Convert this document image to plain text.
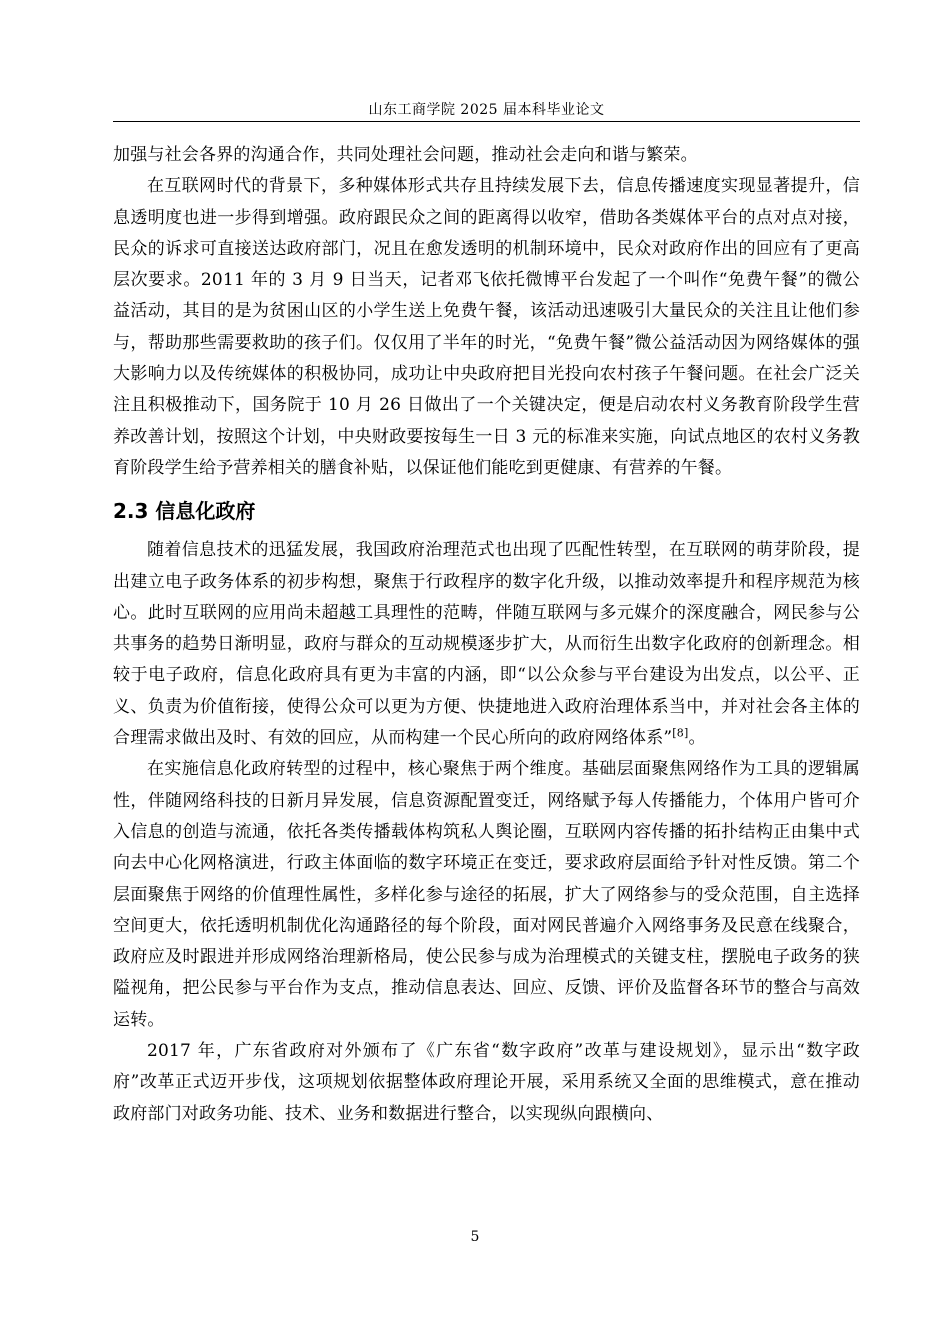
山东工商学院 2025 届本科毕业论文

加强与社会各界的沟通合作，共同处理社会问题，推动社会走向和谐与繁荣。

在互联网时代的背景下，多种媒体形式共存且持续发展下去，信息传播速度实现显著提升，信息透明度也进一步得到增强。政府跟民众之间的距离得以收窄，借助各类媒体平台的点对点对接，民众的诉求可直接送达政府部门，况且在愈发透明的机制环境中，民众对政府作出的回应有了更高层次要求。2011 年的 3 月 9 日当天，记者邓飞依托微博平台发起了一个叫作“免费午餐”的微公益活动，其目的是为贫困山区的小学生送上免费午餐，该活动迅速吸引大量民众的关注且让他们参与，帮助那些需要救助的孩子们。仅仅用了半年的时光，“免费午餐”微公益活动因为网络媒体的强大影响力以及传统媒体的积极协同，成功让中央政府把目光投向农村孩子午餐问题。在社会广泛关注且积极推动下，国务院于 10 月 26 日做出了一个关键决定，便是启动农村义务教育阶段学生营养改善计划，按照这个计划，中央财政要按每生一日 3 元的标准来实施，向试点地区的农村义务教育阶段学生给予营养相关的膳食补贴，以保证他们能吃到更健康、有营养的午餐。

2.3 信息化政府

随着信息技术的迅猛发展，我国政府治理范式也出现了匹配性转型，在互联网的萌芽阶段，提出建立电子政务体系的初步构想，聚焦于行政程序的数字化升级，以推动效率提升和程序规范为核心。此时互联网的应用尚未超越工具理性的范畴，伴随互联网与多元媒介的深度融合，网民参与公共事务的趋势日渐明显，政府与群众的互动规模逐步扩大，从而衍生出数字化政府的创新理念。相较于电子政府，信息化政府具有更为丰富的内涵，即“以公众参与平台建设为出发点，以公平、正义、负责为价值衔接，使得公众可以更为方便、快捷地进入政府治理体系当中，并对社会各主体的合理需求做出及时、有效的回应，从而构建一个民心所向的政府网络体系”[8]。

在实施信息化政府转型的过程中，核心聚焦于两个维度。基础层面聚焦网络作为工具的逻辑属性，伴随网络科技的日新月异发展，信息资源配置变迁，网络赋予每人传播能力，个体用户皆可介入信息的创造与流通，依托各类传播载体构筑私人舆论圈，互联网内容传播的拓扑结构正由集中式向去中心化网格演进，行政主体面临的数字环境正在变迁，要求政府层面给予针对性反馈。第二个层面聚焦于网络的价值理性属性，多样化参与途径的拓展，扩大了网络参与的受众范围，自主选择空间更大，依托透明机制优化沟通路径的每个阶段，面对网民普遍介入网络事务及民意在线聚合，政府应及时跟进并形成网络治理新格局，使公民参与成为治理模式的关键支柱，摆脱电子政务的狭隘视角，把公民参与平台作为支点，推动信息表达、回应、反馈、评价及监督各环节的整合与高效运转。

2017 年，广东省政府对外颁布了《广东省“数字政府”改革与建设规划》，显示出“数字政府”改革正式迈开步伐，这项规划依据整体政府理论开展，采用系统又全面的思维模式，意在推动政府部门对政务功能、技术、业务和数据进行整合，以实现纵向跟横向、

5
